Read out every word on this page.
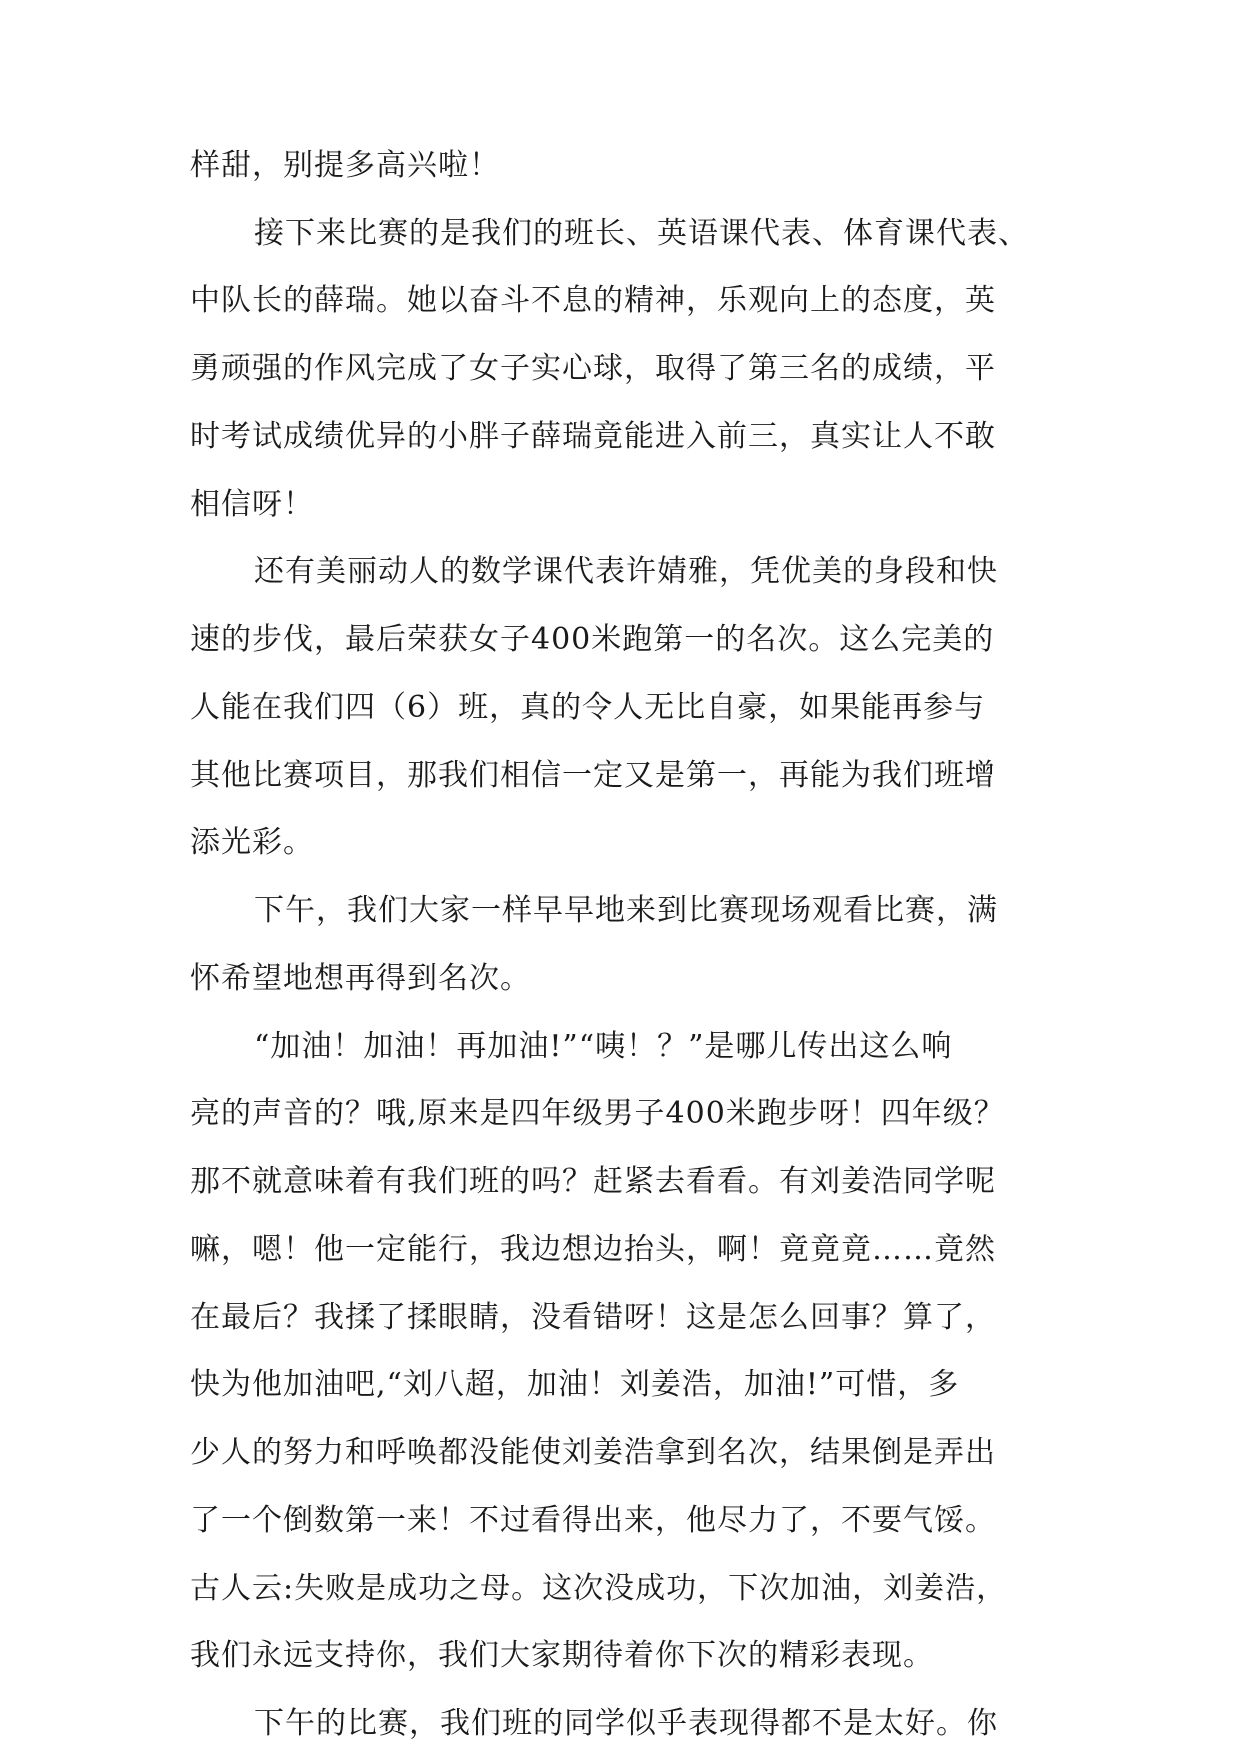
样甜，别提多高兴啦！
接下来比赛的是我们的班长、英语课代表、体育课代表、
中队长的薛瑞。她以奋斗不息的精神，乐观向上的态度，英
勇顽强的作风完成了女子实心球，取得了第三名的成绩，平
时考试成绩优异的小胖子薛瑞竟能进入前三，真实让人不敢
相信呀！
还有美丽动人的数学课代表许婧雅，凭优美的身段和快
速的步伐，最后荣获女子400米跑第一的名次。这么完美的
人能在我们四（6）班，真的令人无比自豪，如果能再参与
其他比赛项目，那我们相信一定又是第一，再能为我们班增
添光彩。
下午，我们大家一样早早地来到比赛现场观看比赛，满
怀希望地想再得到名次。
“加油！加油！再加油!”“咦！？”是哪儿传出这么响
亮的声音的？哦,原来是四年级男子400米跑步呀！四年级？
那不就意味着有我们班的吗？赶紧去看看。有刘姜浩同学呢
嘛，嗯！他一定能行，我边想边抬头，啊！竟竟竟……竟然
在最后？我揉了揉眼睛，没看错呀！这是怎么回事？算了，
快为他加油吧,“刘八超，加油！刘姜浩，加油!”可惜，多
少人的努力和呼唤都没能使刘姜浩拿到名次，结果倒是弄出
了一个倒数第一来！不过看得出来，他尽力了，不要气馁。
古人云:失败是成功之母。这次没成功，下次加油，刘姜浩，
我们永远支持你，我们大家期待着你下次的精彩表现。
下午的比赛，我们班的同学似乎表现得都不是太好。你
